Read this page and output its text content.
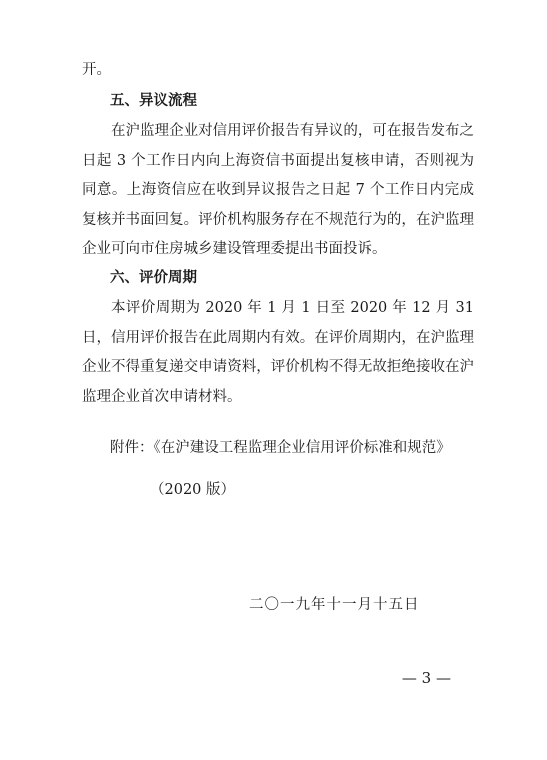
开。

五、异议流程

在沪监理企业对信用评价报告有异议的，可在报告发布之日起 3 个工作日内向上海资信书面提出复核申请，否则视为同意。上海资信应在收到异议报告之日起 7 个工作日内完成复核并书面回复。评价机构服务存在不规范行为的，在沪监理企业可向市住房城乡建设管理委提出书面投诉。

六、评价周期

本评价周期为 2020 年 1 月 1 日至 2020 年 12 月 31 日，信用评价报告在此周期内有效。在评价周期内，在沪监理企业不得重复递交申请资料，评价机构不得无故拒绝接收在沪监理企业首次申请材料。

附件：《在沪建设工程监理企业信用评价标准和规范》

（2020 版）

二〇一九年十一月十五日

— 3 —
